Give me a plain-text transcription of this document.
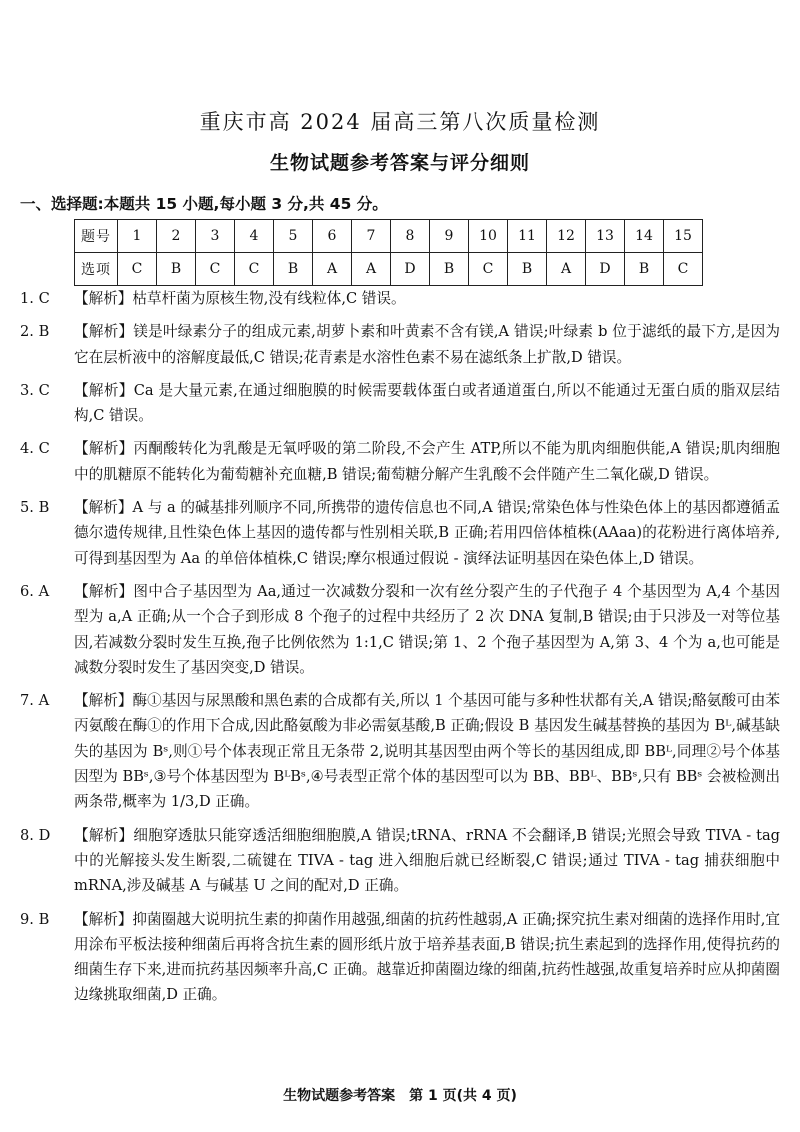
重庆市高 2024 届高三第八次质量检测
生物试题参考答案与评分细则
一、选择题:本题共 15 小题,每小题 3 分,共 45 分。
题号	1	2	3	4	5	6	7	8	9	10	11	12	13	14	15
选项	C	B	C	C	B	A	A	D	B	C	B	A	D	B	C
1. C	【解析】枯草杆菌为原核生物,没有线粒体,C 错误。
2. B	【解析】镁是叶绿素分子的组成元素,胡萝卜素和叶黄素不含有镁,A 错误;叶绿素 b 位于滤纸的最下方,是因为它在层析液中的溶解度最低,C 错误;花青素是水溶性色素不易在滤纸条上扩散,D 错误。
3. C	【解析】Ca 是大量元素,在通过细胞膜的时候需要载体蛋白或者通道蛋白,所以不能通过无蛋白质的脂双层结构,C 错误。
4. C	【解析】丙酮酸转化为乳酸是无氧呼吸的第二阶段,不会产生 ATP,所以不能为肌肉细胞供能,A 错误;肌肉细胞中的肌糖原不能转化为葡萄糖补充血糖,B 错误;葡萄糖分解产生乳酸不会伴随产生二氧化碳,D 错误。
5. B	【解析】A 与 a 的碱基排列顺序不同,所携带的遗传信息也不同,A 错误;常染色体与性染色体上的基因都遵循孟德尔遗传规律,且性染色体上基因的遗传都与性别相关联,B 正确;若用四倍体植株(AAaa)的花粉进行离体培养,可得到基因型为 Aa 的单倍体植株,C 错误;摩尔根通过假说 - 演绎法证明基因在染色体上,D 错误。
6. A	【解析】图中合子基因型为 Aa,通过一次减数分裂和一次有丝分裂产生的子代孢子 4 个基因型为 A,4 个基因型为 a,A 正确;从一个合子到形成 8 个孢子的过程中共经历了 2 次 DNA 复制,B 错误;由于只涉及一对等位基因,若减数分裂时发生互换,孢子比例依然为 1:1,C 错误;第 1、2 个孢子基因型为 A,第 3、4 个为 a,也可能是减数分裂时发生了基因突变,D 错误。
7. A	【解析】酶①基因与尿黑酸和黑色素的合成都有关,所以 1 个基因可能与多种性状都有关,A 错误;酪氨酸可由苯丙氨酸在酶①的作用下合成,因此酪氨酸为非必需氨基酸,B 正确;假设 B 基因发生碱基替换的基因为 Bᴸ,碱基缺失的基因为 Bˢ,则①号个体表现正常且无条带 2,说明其基因型由两个等长的基因组成,即 BBᴸ,同理②号个体基因型为 BBˢ,③号个体基因型为 BᴸBˢ,④号表型正常个体的基因型可以为 BB、BBᴸ、BBˢ,只有 BBˢ 会被检测出两条带,概率为 1/3,D 正确。
8. D	【解析】细胞穿透肽只能穿透活细胞细胞膜,A 错误;tRNA、rRNA 不会翻译,B 错误;光照会导致 TIVA - tag 中的光解接头发生断裂,二硫键在 TIVA - tag 进入细胞后就已经断裂,C 错误;通过 TIVA - tag 捕获细胞中 mRNA,涉及碱基 A 与碱基 U 之间的配对,D 正确。
9. B	【解析】抑菌圈越大说明抗生素的抑菌作用越强,细菌的抗药性越弱,A 正确;探究抗生素对细菌的选择作用时,宜用涂布平板法接种细菌后再将含抗生素的圆形纸片放于培养基表面,B 错误;抗生素起到的选择作用,使得抗药的细菌生存下来,进而抗药基因频率升高,C 正确。越靠近抑菌圈边缘的细菌,抗药性越强,故重复培养时应从抑菌圈边缘挑取细菌,D 正确。
生物试题参考答案　第 1 页(共 4 页)
